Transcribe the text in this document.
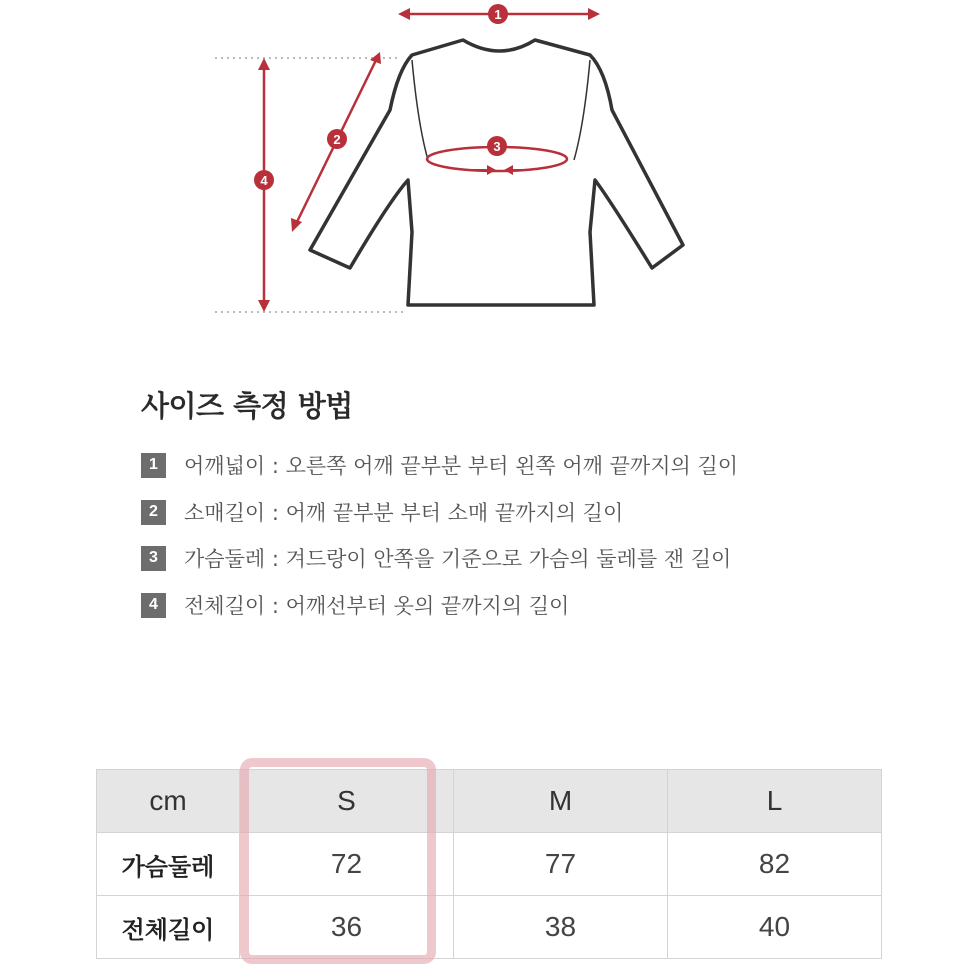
1
2	3
4
사이즈 측정 방법
1	어깨넓이 : 오른쪽 어깨 끝부분 부터 왼쪽 어깨 끝까지의 길이
2	소매길이 : 어깨 끝부분 부터 소매 끝까지의 길이
3	가슴둘레 : 겨드랑이 안쪽을 기준으로 가슴의 둘레를 잰 길이
4	전체길이 : 어깨선부터 옷의 끝까지의 길이
cm	S	M	L
가슴둘레	72	77	82
전체길이	36	38	40
